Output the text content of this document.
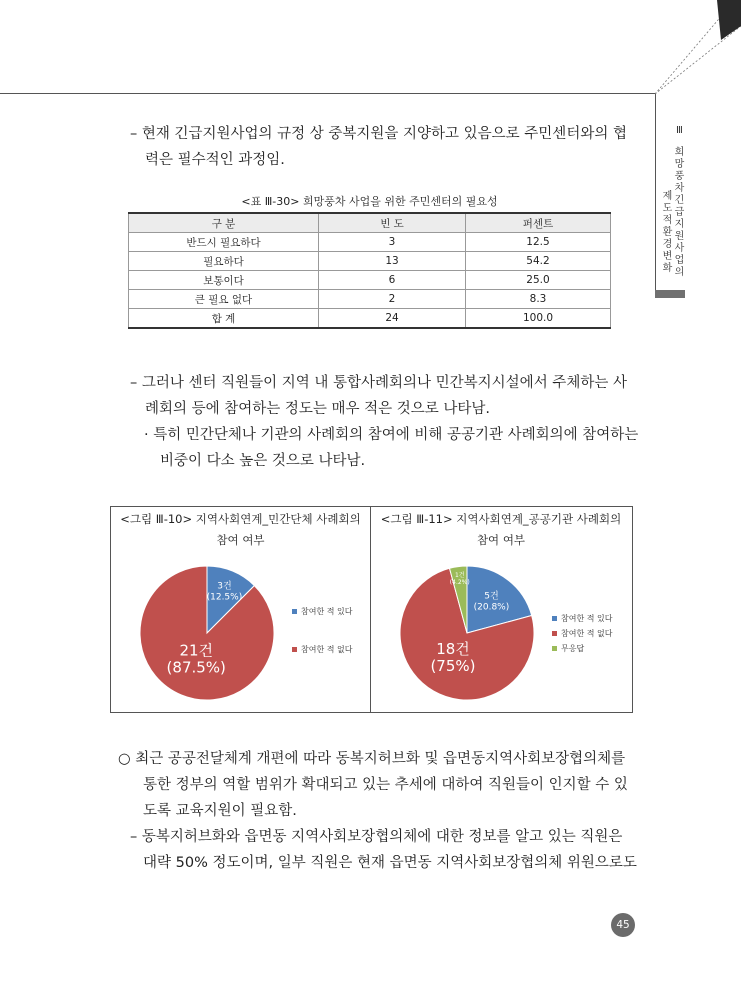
Ⅲ
희망풍차 긴급지원사업의
제도적 환경 변화
– 현재 긴급지원사업의 규정 상 중복지원을 지양하고 있음으로 주민센터와의 협
력은 필수적인 과정임.
<표 Ⅲ-30> 희망풍차 사업을 위한 주민센터의 필요성
구 분	빈 도	퍼센트
반드시 필요하다	3	12.5
필요하다	13	54.2
보통이다	6	25.0
큰 필요 없다	2	8.3
합 계	24	100.0
– 그러나 센터 직원들이 지역 내 통합사례회의나 민간복지시설에서 주체하는 사
례회의 등에 참여하는 정도는 매우 적은 것으로 나타남.
· 특히 민간단체나 기관의 사례회의 참여에 비해 공공기관 사례회의에 참여하는
비중이 다소 높은 것으로 나타남.
<그림 Ⅲ-10> 지역사회연계_민간단체 사례회의
참여 여부
<그림 Ⅲ-11> 지역사회연계_공공기관 사례회의
참여 여부
3건
(12.5%)
21건
(87.5%)
5건
(20.8%)
18건
(75%)
1건
(4.2%)
참여한 적 있다
참여한 적 없다
참여한 적 있다
참여한 적 없다
무응답
○ 최근 공공전달체계 개편에 따라 동복지허브화 및 읍면동지역사회보장협의체를
통한 정부의 역할 범위가 확대되고 있는 추세에 대하여 직원들이 인지할 수 있
도록 교육지원이 필요함.
– 동복지허브화와 읍면동 지역사회보장협의체에 대한 정보를 알고 있는 직원은
대략 50% 정도이며, 일부 직원은 현재 읍면동 지역사회보장협의체 위원으로도
45
